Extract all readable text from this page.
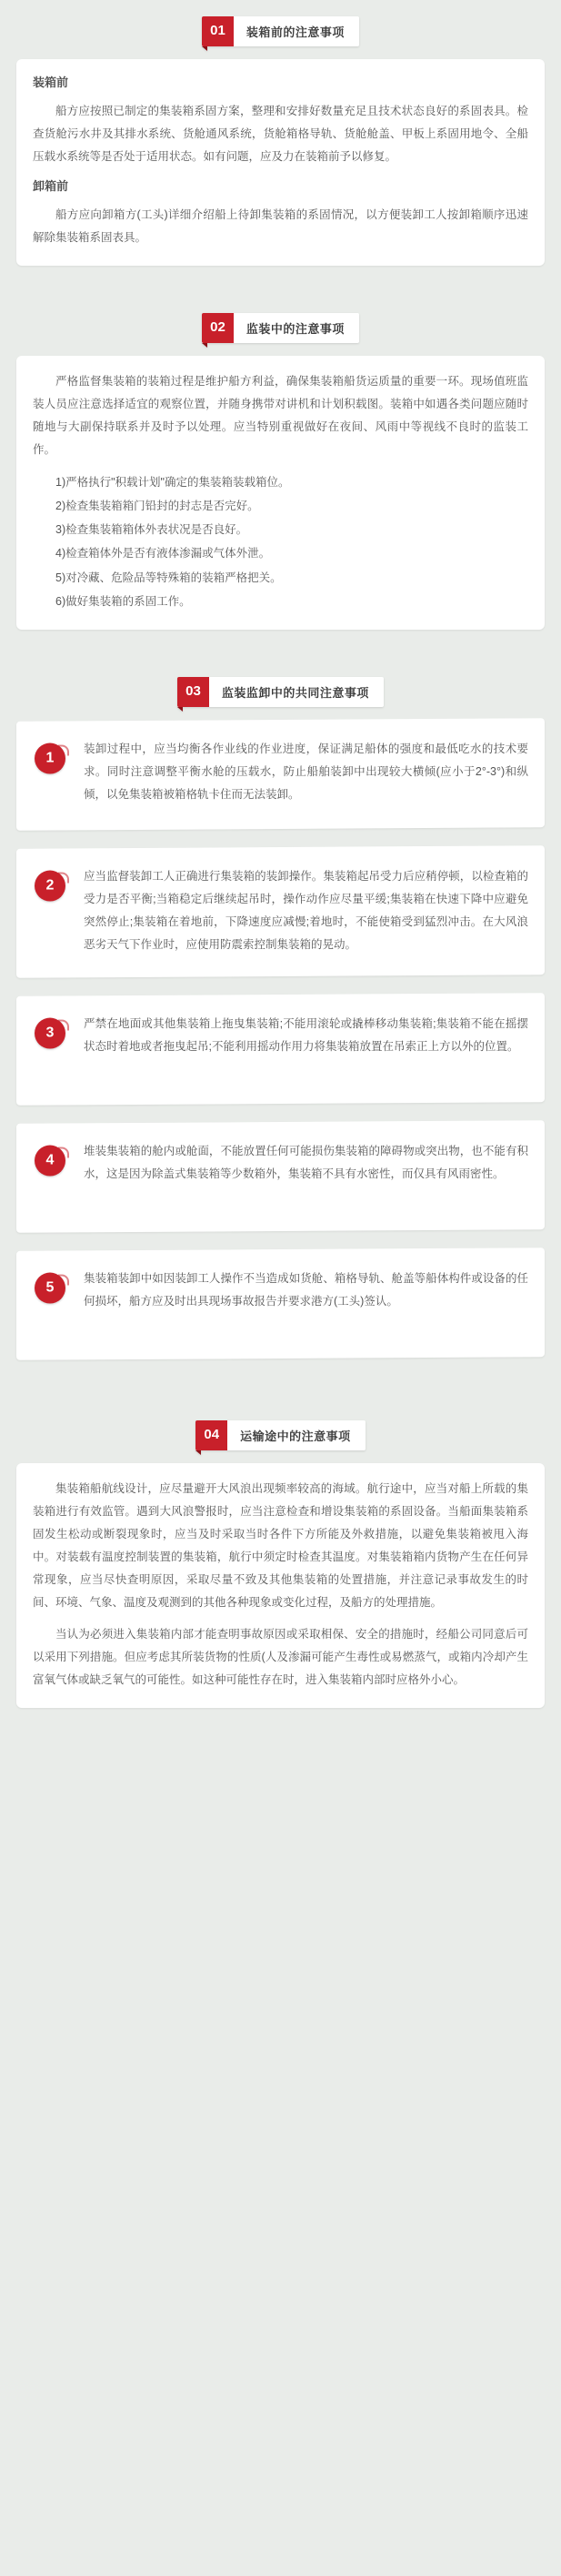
01	装箱前的注意事项
装箱前

船方应按照已制定的集装箱系固方案，整理和安排好数量充足且技术状态良好的系固表具。检查货舱污水井及其排水系统、货舱通风系统，货舱箱格导轨、货舱舱盖、甲板上系固用地令、全船压载水系统等是否处于适用状态。如有问题，应及力在装箱前予以修复。

卸箱前

船方应向卸箱方(工头)详细介绍船上待卸集装箱的系固情况，以方便装卸工人按卸箱顺序迅速解除集装箱系固表具。

02	监装中的注意事项

严格监督集装箱的装箱过程是维护船方利益，确保集装箱船货运质量的重要一环。现场值班监装人员应注意选择适宜的观察位置，并随身携带对讲机和计划积载图。装箱中如遇各类问题应随时随地与大副保持联系并及时予以处理。应当特别重视做好在夜间、风雨中等视线不良时的监装工作。

1)严格执行"积载计划"确定的集装箱装载箱位。

2)检查集装箱箱门铅封的封志是否完好。

3)检查集装箱箱体外表状况是否良好。

4)检查箱体外是否有液体渗漏或气体外泄。

5)对冷藏、危险品等特殊箱的装箱严格把关。

6)做好集装箱的系固工作。

03	监装监卸中的共同注意事项
1
装卸过程中，应当均衡各作业线的作业进度，保证满足船体的强度和最低吃水的技术要求。同时注意调整平衡水舱的压载水，防止船舶装卸中出现较大横倾(应小于2°-3°)和纵倾，以免集装箱被箱格轨卡住而无法装卸。
2
应当监督装卸工人正确进行集装箱的装卸操作。集装箱起吊受力后应稍停顿，以检查箱的受力是否平衡;当箱稳定后继续起吊时，操作动作应尽量平缓;集装箱在快速下降中应避免突然停止;集装箱在着地前，下降速度应减慢;着地时，不能使箱受到猛烈冲击。在大风浪恶劣天气下作业时，应使用防震索控制集装箱的晃动。
3
严禁在地面或其他集装箱上拖曳集装箱;不能用滚轮或撬棒移动集装箱;集装箱不能在摇摆状态时着地或者拖曳起吊;不能利用摇动作用力将集装箱放置在吊索正上方以外的位置。
4
堆装集装箱的舱内或舱面，不能放置任何可能损伤集装箱的障碍物或突出物，也不能有积水，这是因为除盖式集装箱等少数箱外，集装箱不具有水密性，而仅具有风雨密性。
5
集装箱装卸中如因装卸工人操作不当造成如货舱、箱格导轨、舱盖等船体构件或设备的任何损坏，船方应及时出具现场事故报告并要求港方(工头)签认。
04	运输途中的注意事项

集装箱船航线设计，应尽量避开大风浪出现频率较高的海域。航行途中，应当对船上所载的集装箱进行有效监管。遇到大风浪警报时，应当注意检查和增设集装箱的系固设备。当船面集装箱系固发生松动或断裂现象时，应当及时采取当时各件下方所能及外救措施，以避免集装箱被甩入海中。对装载有温度控制装置的集装箱，航行中须定时检查其温度。对集装箱箱内货物产生在任何异常现象，应当尽快查明原因，采取尽量不致及其他集装箱的处置措施，并注意记录事故发生的时间、环境、气象、温度及观测到的其他各种现象或变化过程，及船方的处理措施。

当认为必须进入集装箱内部才能查明事故原因或采取相保、安全的措施时，经船公司同意后可以采用下列措施。但应考虑其所装货物的性质(人及渗漏可能产生毒性或易燃蒸气，或箱内冷却产生富氧气体或缺乏氧气的可能性。如这种可能性存在时，进入集装箱内部时应格外小心。
